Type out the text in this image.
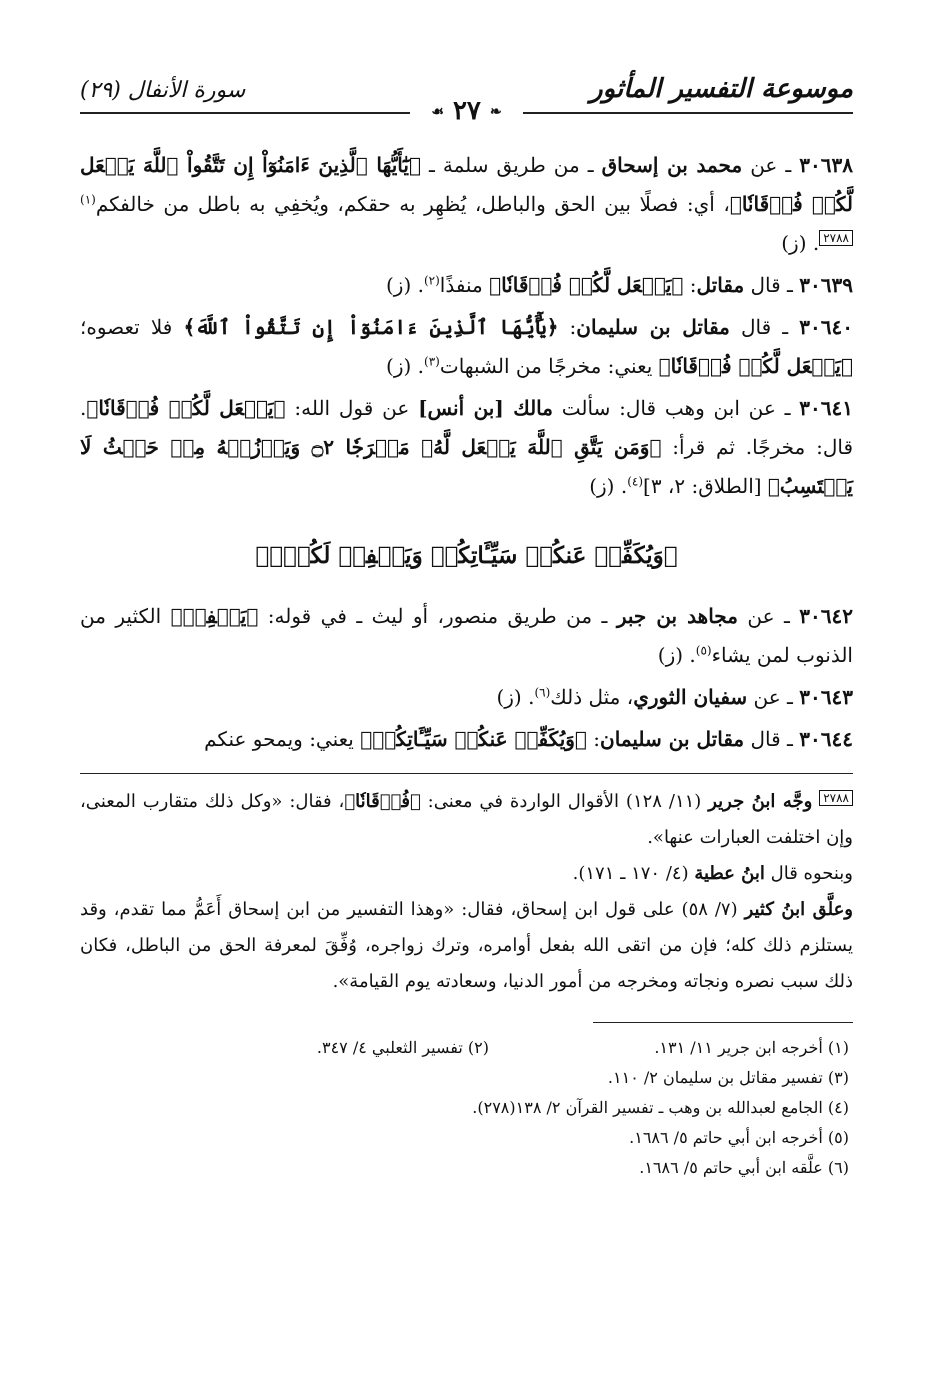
موسوعة التفسير المأثور
سورة الأنفال (٢٩)
❧ ٢٧ ☙

٣٠٦٣٨ ـ عن محمد بن إسحاق ـ من طريق سلمة ـ ﴿يَٰٓأَيُّهَا ٱلَّذِينَ ءَامَنُوٓاْ إِن تَتَّقُواْ ٱللَّهَ يَجۡعَل لَّكُمۡ فُرۡقَانٗا﴾، أي: فصلًا بين الحق والباطل، يُظهِر به حقكم، ويُخفِي به باطل من خالفكم$^{(١)}$٢٧٨٨. (ز)

٣٠٦٣٩ ـ قال مقاتل: ﴿يَجۡعَل لَّكُمۡ فُرۡقَانٗا﴾ منفذًا$^{(٢)}$. (ز)

٣٠٦٤٠ ـ قال مقاتل بن سليمان: ﴿يَٰٓأَيُّهَا ٱلَّذِينَ ءَامَنُوٓاْ إِن تَتَّقُواْ ٱللَّهَ﴾ فلا تعصوه؛ ﴿يَجۡعَل لَّكُمۡ فُرۡقَانٗا﴾ يعني: مخرجًا من الشبهات$^{(٣)}$. (ز)

٣٠٦٤١ ـ عن ابن وهب قال: سألت مالك [بن أنس] عن قول الله: ﴿يَجۡعَل لَّكُمۡ فُرۡقَانٗا﴾. قال: مخرجًا. ثم قرأ: ﴿وَمَن يَتَّقِ ٱللَّهَ يَجۡعَل لَّهُۥ مَخۡرَجٗا ۝٢ وَيَرۡزُقۡهُ مِنۡ حَيۡثُ لَا يَحۡتَسِبُ﴾ [الطلاق: ٢، ٣]$^{(٤)}$. (ز)

﴿وَيُكَفِّرۡ عَنكُمۡ سَيِّـَٔاتِكُمۡ وَيَغۡفِرۡ لَكُمۡۗ﴾

٣٠٦٤٢ ـ عن مجاهد بن جبر ـ من طريق منصور، أو ليث ـ في قوله: ﴿يَغۡفِرۡ﴾ الكثير من الذنوب لمن يشاء$^{(٥)}$. (ز)

٣٠٦٤٣ ـ عن سفيان الثوري، مثل ذلك$^{(٦)}$. (ز)

٣٠٦٤٤ ـ قال مقاتل بن سليمان: ﴿وَيُكَفِّرۡ عَنكُمۡ سَيِّـَٔاتِكُمۡ﴾ يعني: ويمحو عنكم

٢٧٨٨ وجَّه ابنُ جرير (١١/ ١٢٨) الأقوال الواردة في معنى: ﴿فُرۡقَانٗا﴾، فقال: «وكل ذلك متقارب المعنى، وإن اختلفت العبارات عنها».

وبنحوه قال ابنُ عطية (٤/ ١٧٠ ـ ١٧١).

وعلَّق ابنُ كثير (٧/ ٥٨) على قول ابن إسحاق، فقال: «وهذا التفسير من ابن إسحاق أَعَمُّ مما تقدم، وقد يستلزم ذلك كله؛ فإن من اتقى الله بفعل أوامره، وترك زواجره، وُفِّقَ لمعرفة الحق من الباطل، فكان ذلك سبب نصره ونجاته ومخرجه من أمور الدنيا، وسعادته يوم القيامة».

(١) أخرجه ابن جرير ١١/ ١٣١.
(٢) تفسير الثعلبي ٤/ ٣٤٧.
(٣) تفسير مقاتل بن سليمان ٢/ ١١٠.
(٤) الجامع لعبدالله بن وهب ـ تفسير القرآن ٢/ ١٣٨(٢٧٨).
(٥) أخرجه ابن أبي حاتم ٥/ ١٦٨٦.
(٦) علَّقه ابن أبي حاتم ٥/ ١٦٨٦.
